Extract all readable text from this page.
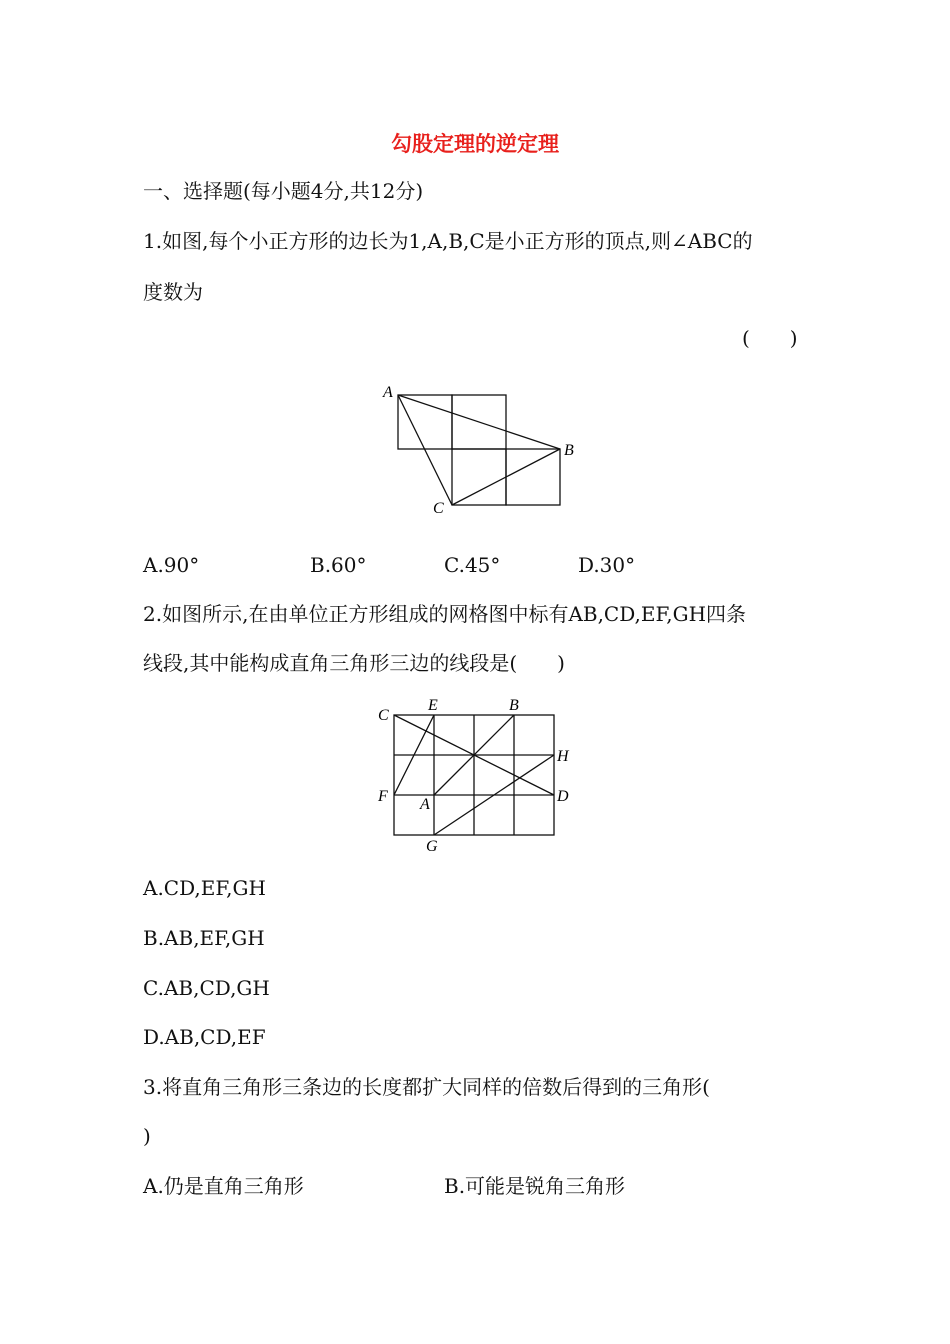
勾股定理的逆定理
一、选择题(每小题4分,共12分)
1.如图,每个小正方形的边长为1,A,B,C是小正方形的顶点,则∠ABC的
度数为
(　　)
A
B
C
A.90°	B.60°	C.45°	D.30°
2.如图所示,在由单位正方形组成的网格图中标有AB,CD,EF,GH四条
线段,其中能构成直角三角形三边的线段是(　　)
C
E	B
H
F A	D
G
A.CD,EF,GH
B.AB,EF,GH
C.AB,CD,GH
D.AB,CD,EF
3.将直角三角形三条边的长度都扩大同样的倍数后得到的三角形(
)
A.仍是直角三角形	B.可能是锐角三角形
